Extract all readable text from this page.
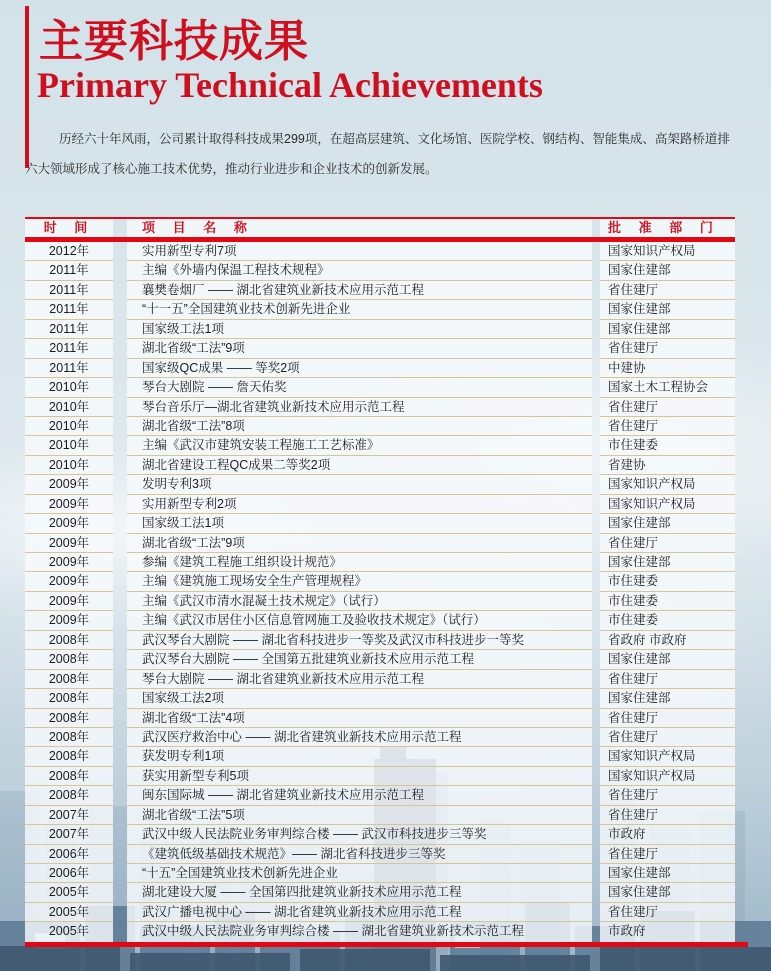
主要科技成果
Primary Technical Achievements
历经六十年风雨，公司累计取得科技成果299项，在超高层建筑、文化场馆、医院学校、钢结构、智能集成、高架路桥道排
六大领域形成了核心施工技术优势，推动行业进步和企业技术的创新发展。
时 间	项 目 名 称	批 准 部 门
2012年	实用新型专利7项	国家知识产权局
2011年	主编《外墙内保温工程技术规程》	国家住建部
2011年	襄樊卷烟厂 —— 湖北省建筑业新技术应用示范工程	省住建厅
2011年	“十一五”全国建筑业技术创新先进企业	国家住建部
2011年	国家级工法1项	国家住建部
2011年	湖北省级“工法”9项	省住建厅
2011年	国家级QC成果 —— 等奖2项	中建协
2010年	琴台大剧院 —— 詹天佑奖	国家土木工程协会
2010年	琴台音乐厅—湖北省建筑业新技术应用示范工程	省住建厅
2010年	湖北省级“工法”8项	省住建厅
2010年	主编《武汉市建筑安装工程施工工艺标准》	市住建委
2010年	湖北省建设工程QC成果二等奖2项	省建协
2009年	发明专利3项	国家知识产权局
2009年	实用新型专利2项	国家知识产权局
2009年	国家级工法1项	国家住建部
2009年	湖北省级“工法”9项	省住建厅
2009年	参编《建筑工程施工组织设计规范》	国家住建部
2009年	主编《建筑施工现场安全生产管理规程》	市住建委
2009年	主编《武汉市清水混凝土技术规定》（试行）	市住建委
2009年	主编《武汉市居住小区信息管网施工及验收技术规定》（试行）	市住建委
2008年	武汉琴台大剧院 —— 湖北省科技进步一等奖及武汉市科技进步一等奖	省政府 市政府
2008年	武汉琴台大剧院 —— 全国第五批建筑业新技术应用示范工程	国家住建部
2008年	琴台大剧院 —— 湖北省建筑业新技术应用示范工程	省住建厅
2008年	国家级工法2项	国家住建部
2008年	湖北省级“工法”4项	省住建厅
2008年	武汉医疗救治中心 —— 湖北省建筑业新技术应用示范工程	省住建厅
2008年	获发明专利1项	国家知识产权局
2008年	获实用新型专利5项	国家知识产权局
2008年	闽东国际城 —— 湖北省建筑业新技术应用示范工程	省住建厅
2007年	湖北省级“工法”5项	省住建厅
2007年	武汉中级人民法院业务审判综合楼 —— 武汉市科技进步三等奖	市政府
2006年	《建筑低级基础技术规范》—— 湖北省科技进步三等奖	省住建厅
2006年	“十五”全国建筑业技术创新先进企业	国家住建部
2005年	湖北建设大厦 —— 全国第四批建筑业新技术应用示范工程	国家住建部
2005年	武汉广播电视中心 —— 湖北省建筑业新技术应用示范工程	省住建厅
2005年	武汉中级人民法院业务审判综合楼 —— 湖北省建筑业新技术示范工程	市政府
